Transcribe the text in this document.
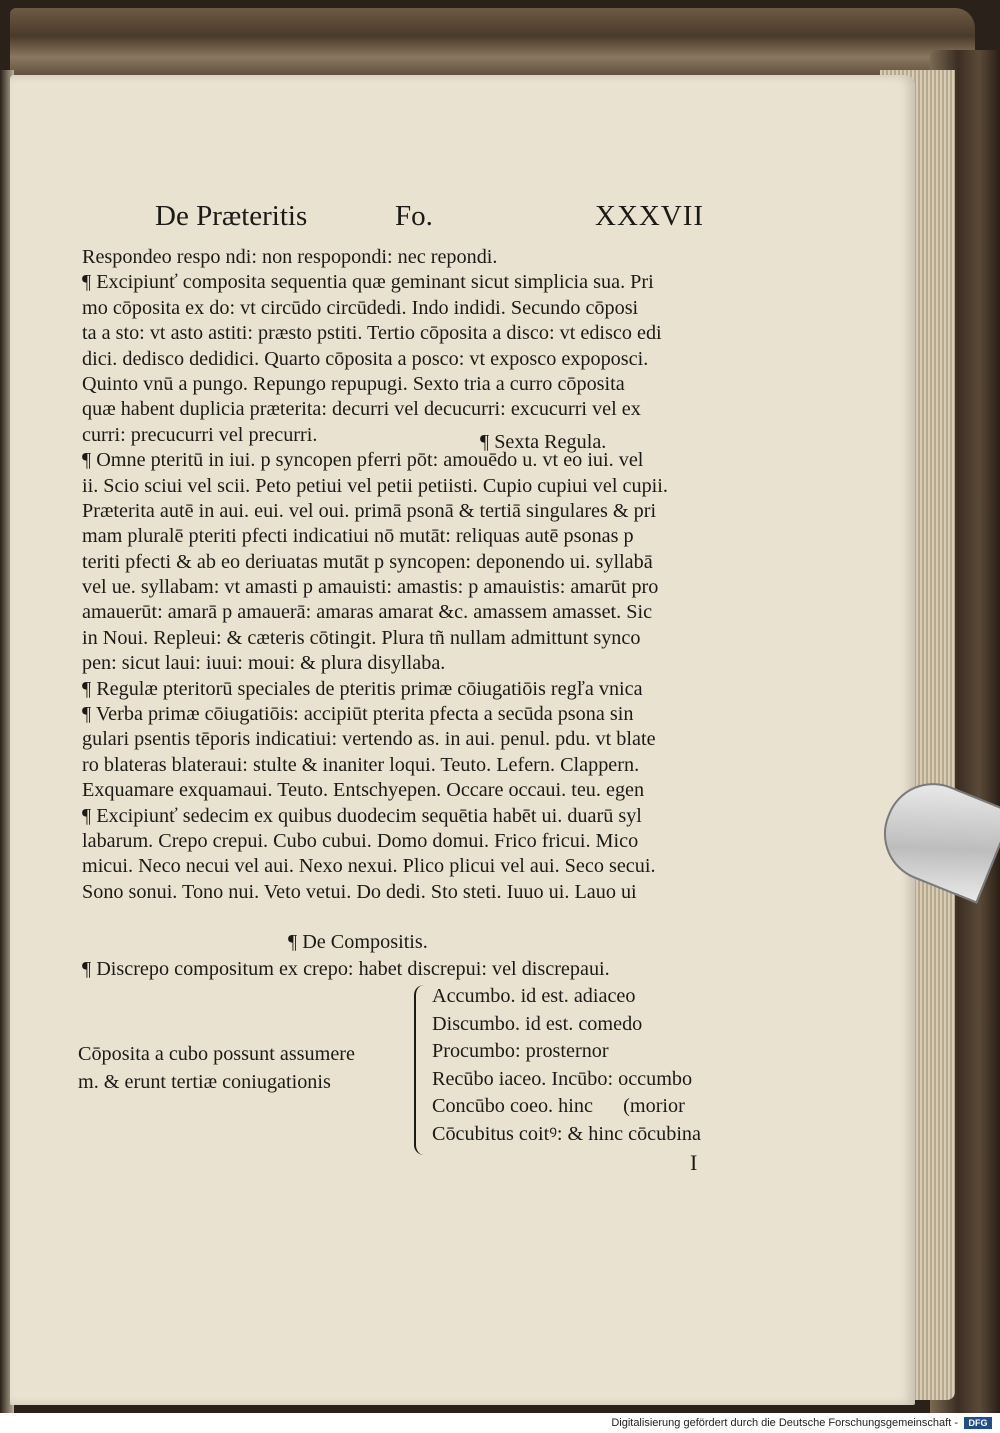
De Præteritis	Fo.	XXXVII
Respondeo respo ndi: non respopondi: nec repondi.
¶ Excipiunť composita sequentia quæ geminant sicut simplicia sua. Pri
mo cōposita ex do: vt circūdo circūdedi. Indo indidi. Secundo cōposi
ta a sto: vt asto astiti: præsto pstiti. Tertio cōposita a disco: vt edisco edi
dici. dedisco dedidici. Quarto cōposita a posco: vt exposco expoposci.
Quinto vnū a pungo. Repungo repupugi. Sexto tria a curro cōposita
quæ habent duplicia præterita: decurri vel decucurri: excucurri vel ex
curri: precucurri vel precurri.
¶ Omne pteritū in iui. p syncopen pferri pōt: amouēdo u. vt eo iui. vel
ii. Scio sciui vel scii. Peto petiui vel petii petiisti. Cupio cupiui vel cupii.
Præterita autē in aui. eui. vel oui. primā psonā & tertiā singulares & pri
mam pluralē pteriti pfecti indicatiui nō mutāt: reliquas autē psonas p
teriti pfecti & ab eo deriuatas mutāt p syncopen: deponendo ui. syllabā
vel ue. syllabam: vt amasti p amauisti: amastis: p amauistis: amarūt pro
amauerūt: amarā p amauerā: amaras amarat &c. amassem amasset. Sic
in Noui. Repleui: & cæteris cōtingit. Plura tñ nullam admittunt synco
pen: sicut laui: iuui: moui: & plura disyllaba.
¶ Regulæ pteritorū speciales de pteritis primæ cōiugatiōis regľa vnica
¶ Verba primæ cōiugatiōis: accipiūt pterita pfecta a secūda psona sin
gulari psentis tēporis indicatiui: vertendo as. in aui. penul. pdu. vt blate
ro blateras blateraui: stulte & inaniter loqui. Teuto. Lefern. Clappern.
Exquamare exquamaui. Teuto. Entschyepen. Occare occaui. teu. egen
¶ Excipiunť sedecim ex quibus duodecim sequētia habēt ui. duarū syl
labarum. Crepo crepui. Cubo cubui. Domo domui. Frico fricui. Mico
micui. Neco necui vel aui. Nexo nexui. Plico plicui vel aui. Seco secui.
Sono sonui. Tono nui. Veto vetui. Do dedi. Sto steti. Iuuo ui. Lauo ui
¶ Sexta Regula.
¶ De Compositis.
¶ Discrepo compositum ex crepo: habet discrepui: vel discrepaui.
Cōposita a cubo possunt assumere
m. & erunt tertiæ coniugationis
Accumbo. id est. adiaceo
Discumbo. id est. comedo
Procumbo: prosternor
Recūbo iaceo. Incūbo: occumbo
Concūbo coeo. hinc      (morior
Cōcubitus coitꝰ: & hinc cōcubina
I
Digitalisierung gefördert durch die Deutsche Forschungsgemeinschaft -	DFG
